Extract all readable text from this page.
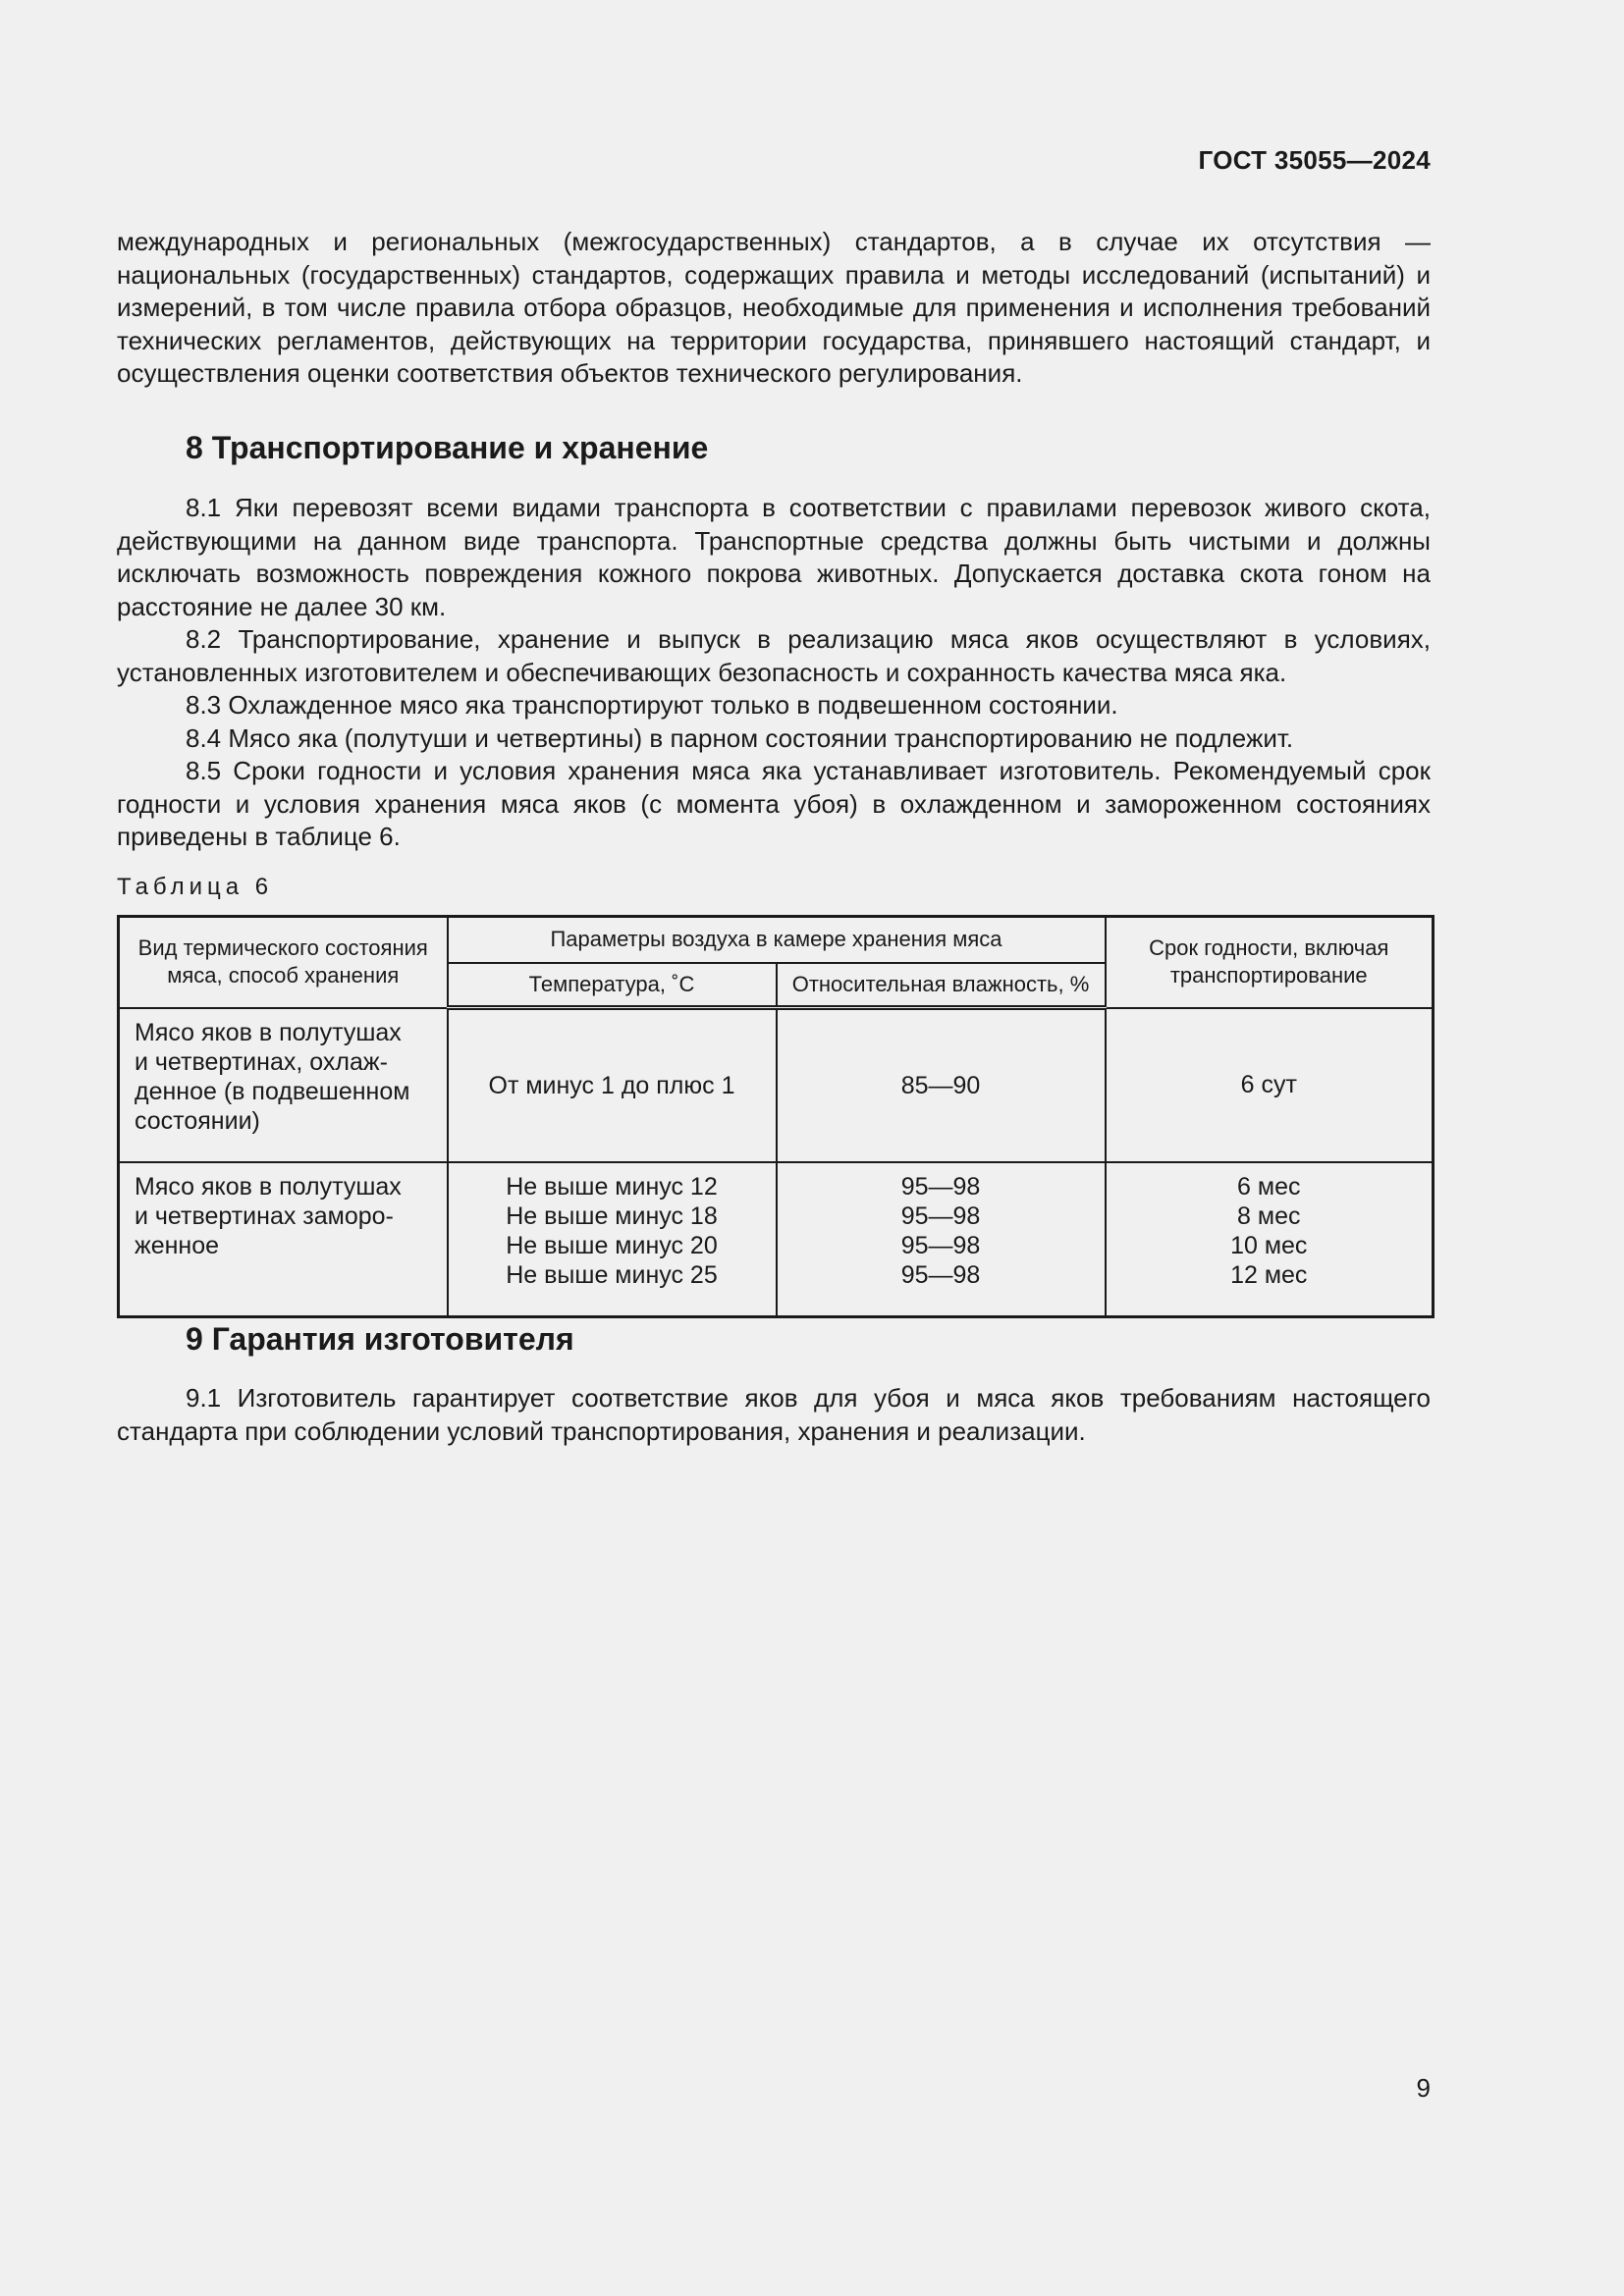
ГОСТ 35055—2024

международных и региональных (межгосударственных) стандартов, а в случае их отсутствия — национальных (государственных) стандартов, содержащих правила и методы исследований (испытаний) и измерений, в том числе правила отбора образцов, необходимые для применения и исполнения требований технических регламентов, действующих на территории государства, принявшего настоящий стандарт, и осуществления оценки соответствия объектов технического регулирования.

8 Транспортирование и хранение

8.1 Яки перевозят всеми видами транспорта в соответствии с правилами перевозок живого скота, действующими на данном виде транспорта. Транспортные средства должны быть чистыми и должны исключать возможность повреждения кожного покрова животных. Допускается доставка скота гоном на расстояние не далее 30 км.

8.2 Транспортирование, хранение и выпуск в реализацию мяса яков осуществляют в условиях, установленных изготовителем и обеспечивающих безопасность и сохранность качества мяса яка.

8.3 Охлажденное мясо яка транспортируют только в подвешенном состоянии.

8.4 Мясо яка (полутуши и четвертины) в парном состоянии транспортированию не подлежит.

8.5 Сроки годности и условия хранения мяса яка устанавливает изготовитель. Рекомендуемый срок годности и условия хранения мяса яков (с момента убоя) в охлажденном и замороженном состояниях приведены в таблице 6.

Таблица 6
Вид термического состояния мяса, способ хранения	Параметры воздуха в камере хранения мяса		Срок годности, включая транспортирование
	Температура, ˚С	Относительная влажность, %	

Мясо яков в полутушах
и четвертинах, охлаж-
денное (в подвешенном
состоянии)	От минус 1 до плюс 1	85—90	6 сут

Мясо яков в полутушах
и четвертинах заморо-
женное	Не выше минус 12
Не выше минус 18
Не выше минус 20
Не выше минус 25	95—98
95—98
95—98
95—98	6 мес
8 мес
10 мес
12 мес
9 Гарантия изготовителя

9.1 Изготовитель гарантирует соответствие яков для убоя и мяса яков требованиям настоящего стандарта при соблюдении условий транспортирования, хранения и реализации.

9
